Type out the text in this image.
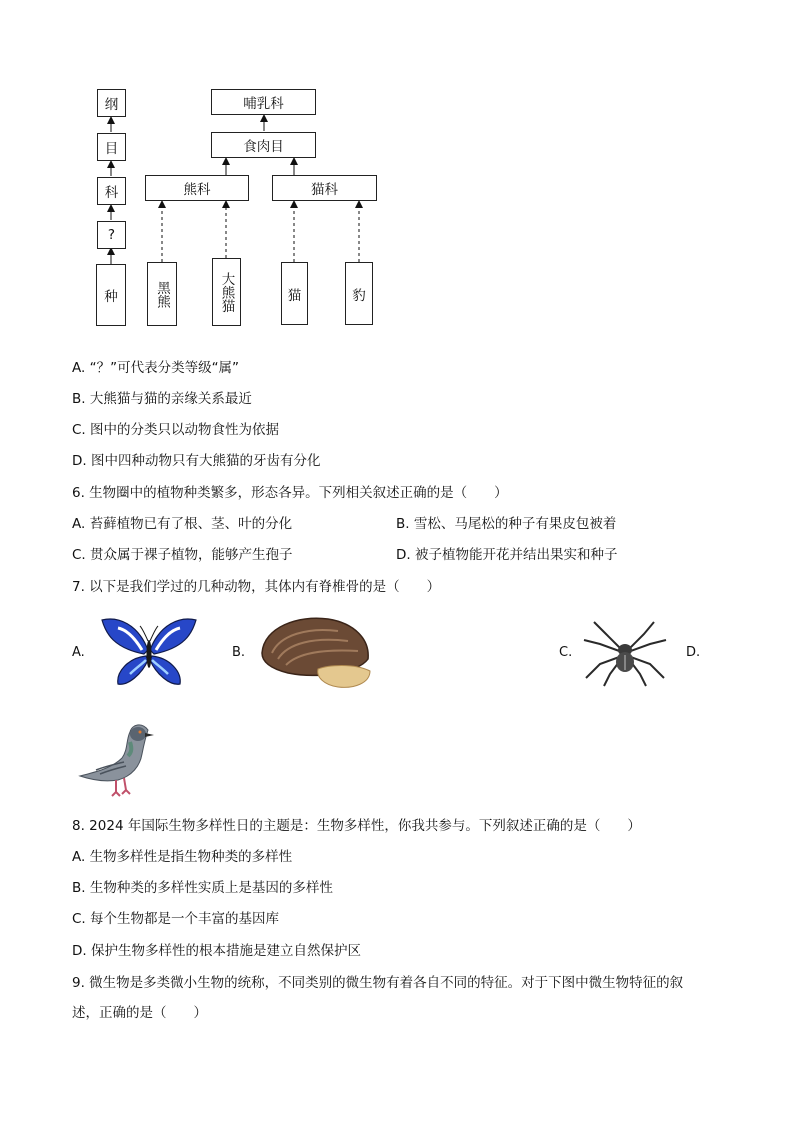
纲
目
科
?
种
哺乳科
食肉目
熊科	猫科
黑熊	大熊猫	猫	豹
A. “？”可代表分类等级“属”
B. 大熊猫与猫的亲缘关系最近
C. 图中的分类只以动物食性为依据
D. 图中四种动物只有大熊猫的牙齿有分化
6. 生物圈中的植物种类繁多，形态各异。下列相关叙述正确的是（　　）
A. 苔藓植物已有了根、茎、叶的分化	B. 雪松、马尾松的种子有果皮包被着
C. 贯众属于裸子植物，能够产生孢子	D. 被子植物能开花并结出果实和种子
7. 以下是我们学过的几种动物，其体内有脊椎骨的是（　　）
A.	B.	C.	D.
8. 2024 年国际生物多样性日的主题是：生物多样性，你我共参与。下列叙述正确的是（　　）
A. 生物多样性是指生物种类的多样性
B. 生物种类的多样性实质上是基因的多样性
C. 每个生物都是一个丰富的基因库
D. 保护生物多样性的根本措施是建立自然保护区
9. 微生物是多类微小生物的统称，不同类别的微生物有着各自不同的特征。对于下图中微生物特征的叙
述，正确的是（　　）
